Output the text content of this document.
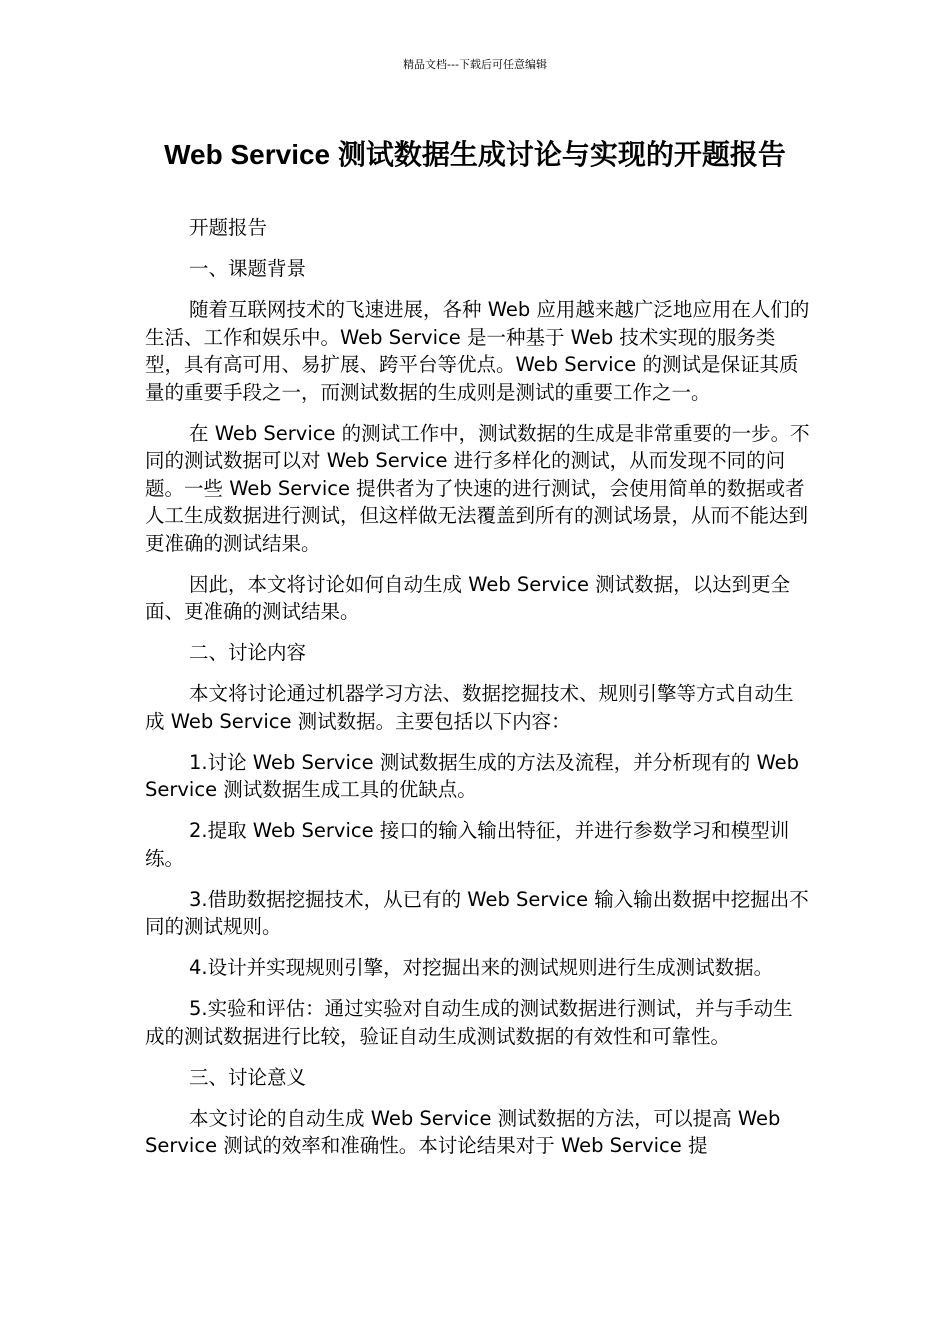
精品文档---下载后可任意编辑
Web Service 测试数据生成讨论与实现的开题报告

开题报告

一、课题背景

随着互联网技术的飞速进展，各种 Web 应用越来越广泛地应用在人们的生活、工作和娱乐中。Web Service 是一种基于 Web 技术实现的服务类型，具有高可用、易扩展、跨平台等优点。Web Service 的测试是保证其质量的重要手段之一，而测试数据的生成则是测试的重要工作之一。

在 Web Service 的测试工作中，测试数据的生成是非常重要的一步。不同的测试数据可以对 Web Service 进行多样化的测试，从而发现不同的问题。一些 Web Service 提供者为了快速的进行测试，会使用简单的数据或者人工生成数据进行测试，但这样做无法覆盖到所有的测试场景，从而不能达到更准确的测试结果。

因此，本文将讨论如何自动生成 Web Service 测试数据，以达到更全面、更准确的测试结果。

二、讨论内容

本文将讨论通过机器学习方法、数据挖掘技术、规则引擎等方式自动生成 Web Service 测试数据。主要包括以下内容：

1.讨论 Web Service 测试数据生成的方法及流程，并分析现有的 Web Service 测试数据生成工具的优缺点。

2.提取 Web Service 接口的输入输出特征，并进行参数学习和模型训练。

3.借助数据挖掘技术，从已有的 Web Service 输入输出数据中挖掘出不同的测试规则。

4.设计并实现规则引擎，对挖掘出来的测试规则进行生成测试数据。

5.实验和评估：通过实验对自动生成的测试数据进行测试，并与手动生成的测试数据进行比较，验证自动生成测试数据的有效性和可靠性。

三、讨论意义

本文讨论的自动生成 Web Service 测试数据的方法，可以提高 Web Service 测试的效率和准确性。本讨论结果对于 Web Service 提
